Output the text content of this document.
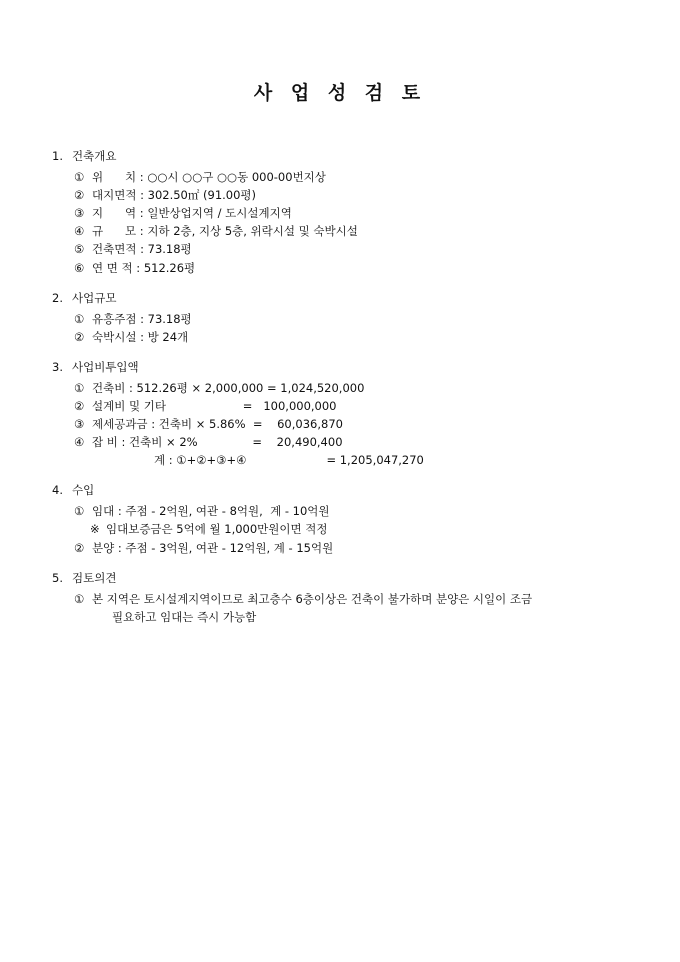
사 업 성 검 토
1. 건축개요
① 위      치 : ○○시 ○○구 ○○동 000-00번지상
② 대지면적 : 302.50㎡ (91.00평)
③ 지      역 : 일반상업지역 / 도시설계지역
④ 규      모 : 지하 2층, 지상 5층, 위락시설 및 숙박시설
⑤ 건축면적 : 73.18평
⑥ 연 면 적 : 512.26평
2. 사업규모
① 유흥주점 : 73.18평
② 숙박시설 : 방 24개
3. 사업비투입액
① 건축비 : 512.26평 × 2,000,000 = 1,024,520,000
② 설계비 및 기타                     =   100,000,000
③ 제세공과금 : 건축비 × 5.86%  =    60,036,870
④ 잡 비 : 건축비 × 2%               =    20,490,400
계 : ①+②+③+④	= 1,205,047,270
4. 수입
① 임대 : 주점 - 2억원, 여관 - 8억원,  계 - 10억원
※ 임대보증금은 5억에 월 1,000만원이면 적정
② 분양 : 주점 - 3억원, 여관 - 12억원, 계 - 15억원
5. 검토의견
① 본 지역은 토시설계지역이므로 최고층수 6층이상은 건축이 불가하며 분양은 시일이 조금
필요하고 임대는 즉시 가능함
